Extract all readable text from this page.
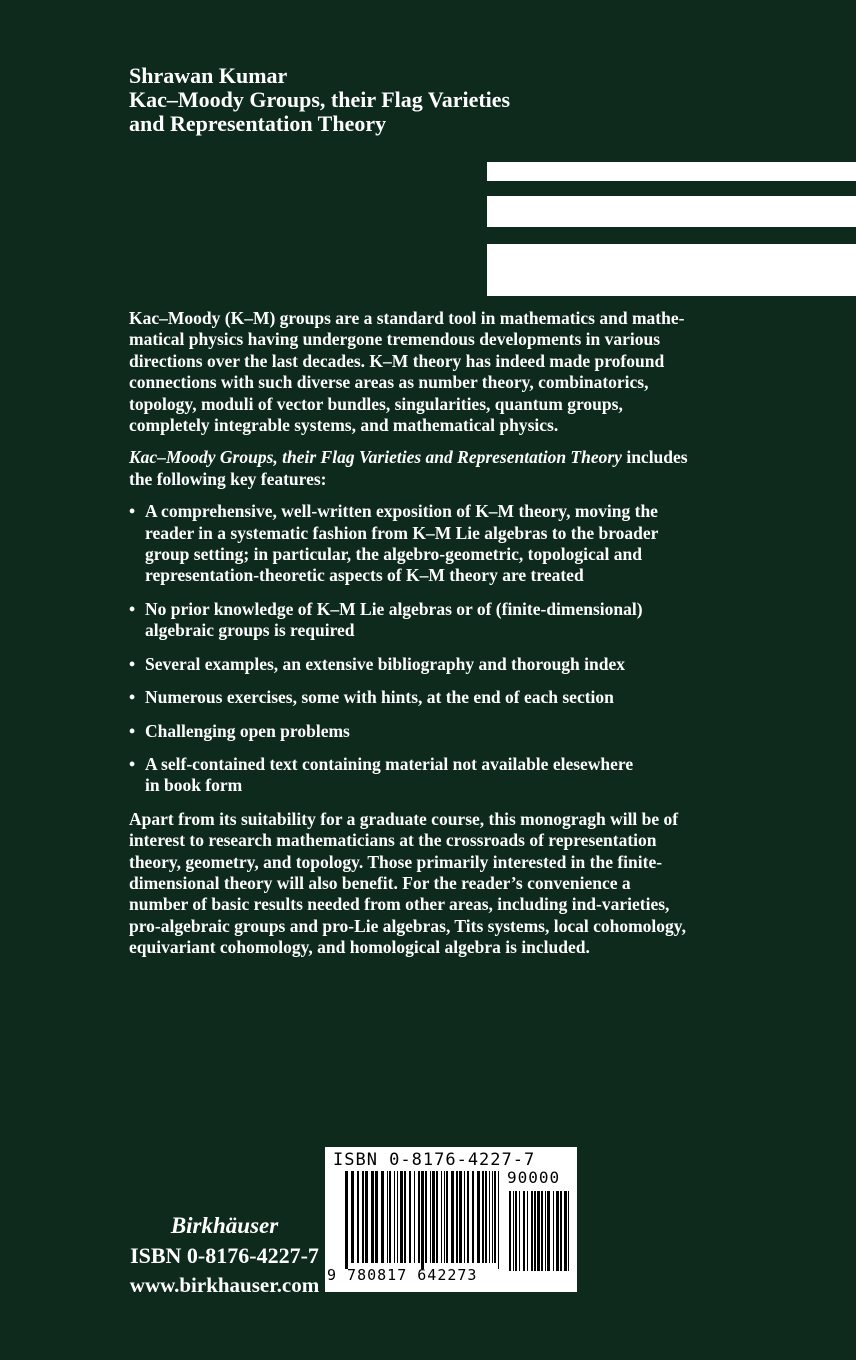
Shrawan Kumar
Kac–Moody Groups, their Flag Varieties
and Representation Theory
Kac–Moody (K–M) groups are a standard tool in mathematics and mathe-
matical physics having undergone tremendous developments in various
directions over the last decades. K–M theory has indeed made profound
connections with such diverse areas as number theory, combinatorics,
topology, moduli of vector bundles, singularities, quantum groups,
completely integrable systems, and mathematical physics.
Kac–Moody Groups, their Flag Varieties and Representation Theory includes
the following key features:
• A comprehensive, well-written exposition of K–M theory, moving the
reader in a systematic fashion from K–M Lie algebras to the broader
group setting; in particular, the algebro-geometric, topological and
representation-theoretic aspects of K–M theory are treated
• No prior knowledge of K–M Lie algebras or of (finite-dimensional)
algebraic groups is required
• Several examples, an extensive bibliography and thorough index
• Numerous exercises, some with hints, at the end of each section
• Challenging open problems
• A self-contained text containing material not available elesewhere
in book form
Apart from its suitability for a graduate course, this monogragh will be of
interest to research mathematicians at the crossroads of representation
theory, geometry, and topology. Those primarily interested in the finite-
dimensional theory will also benefit. For the reader’s convenience a
number of basic results needed from other areas, including ind-varieties,
pro-algebraic groups and pro-Lie algebras, Tits systems, local cohomology,
equivariant cohomology, and homological algebra is included.
Birkhäuser
ISBN 0-8176-4227-7
www.birkhauser.com
ISBN 0-8176-4227-7
90000
9 780817 642273
